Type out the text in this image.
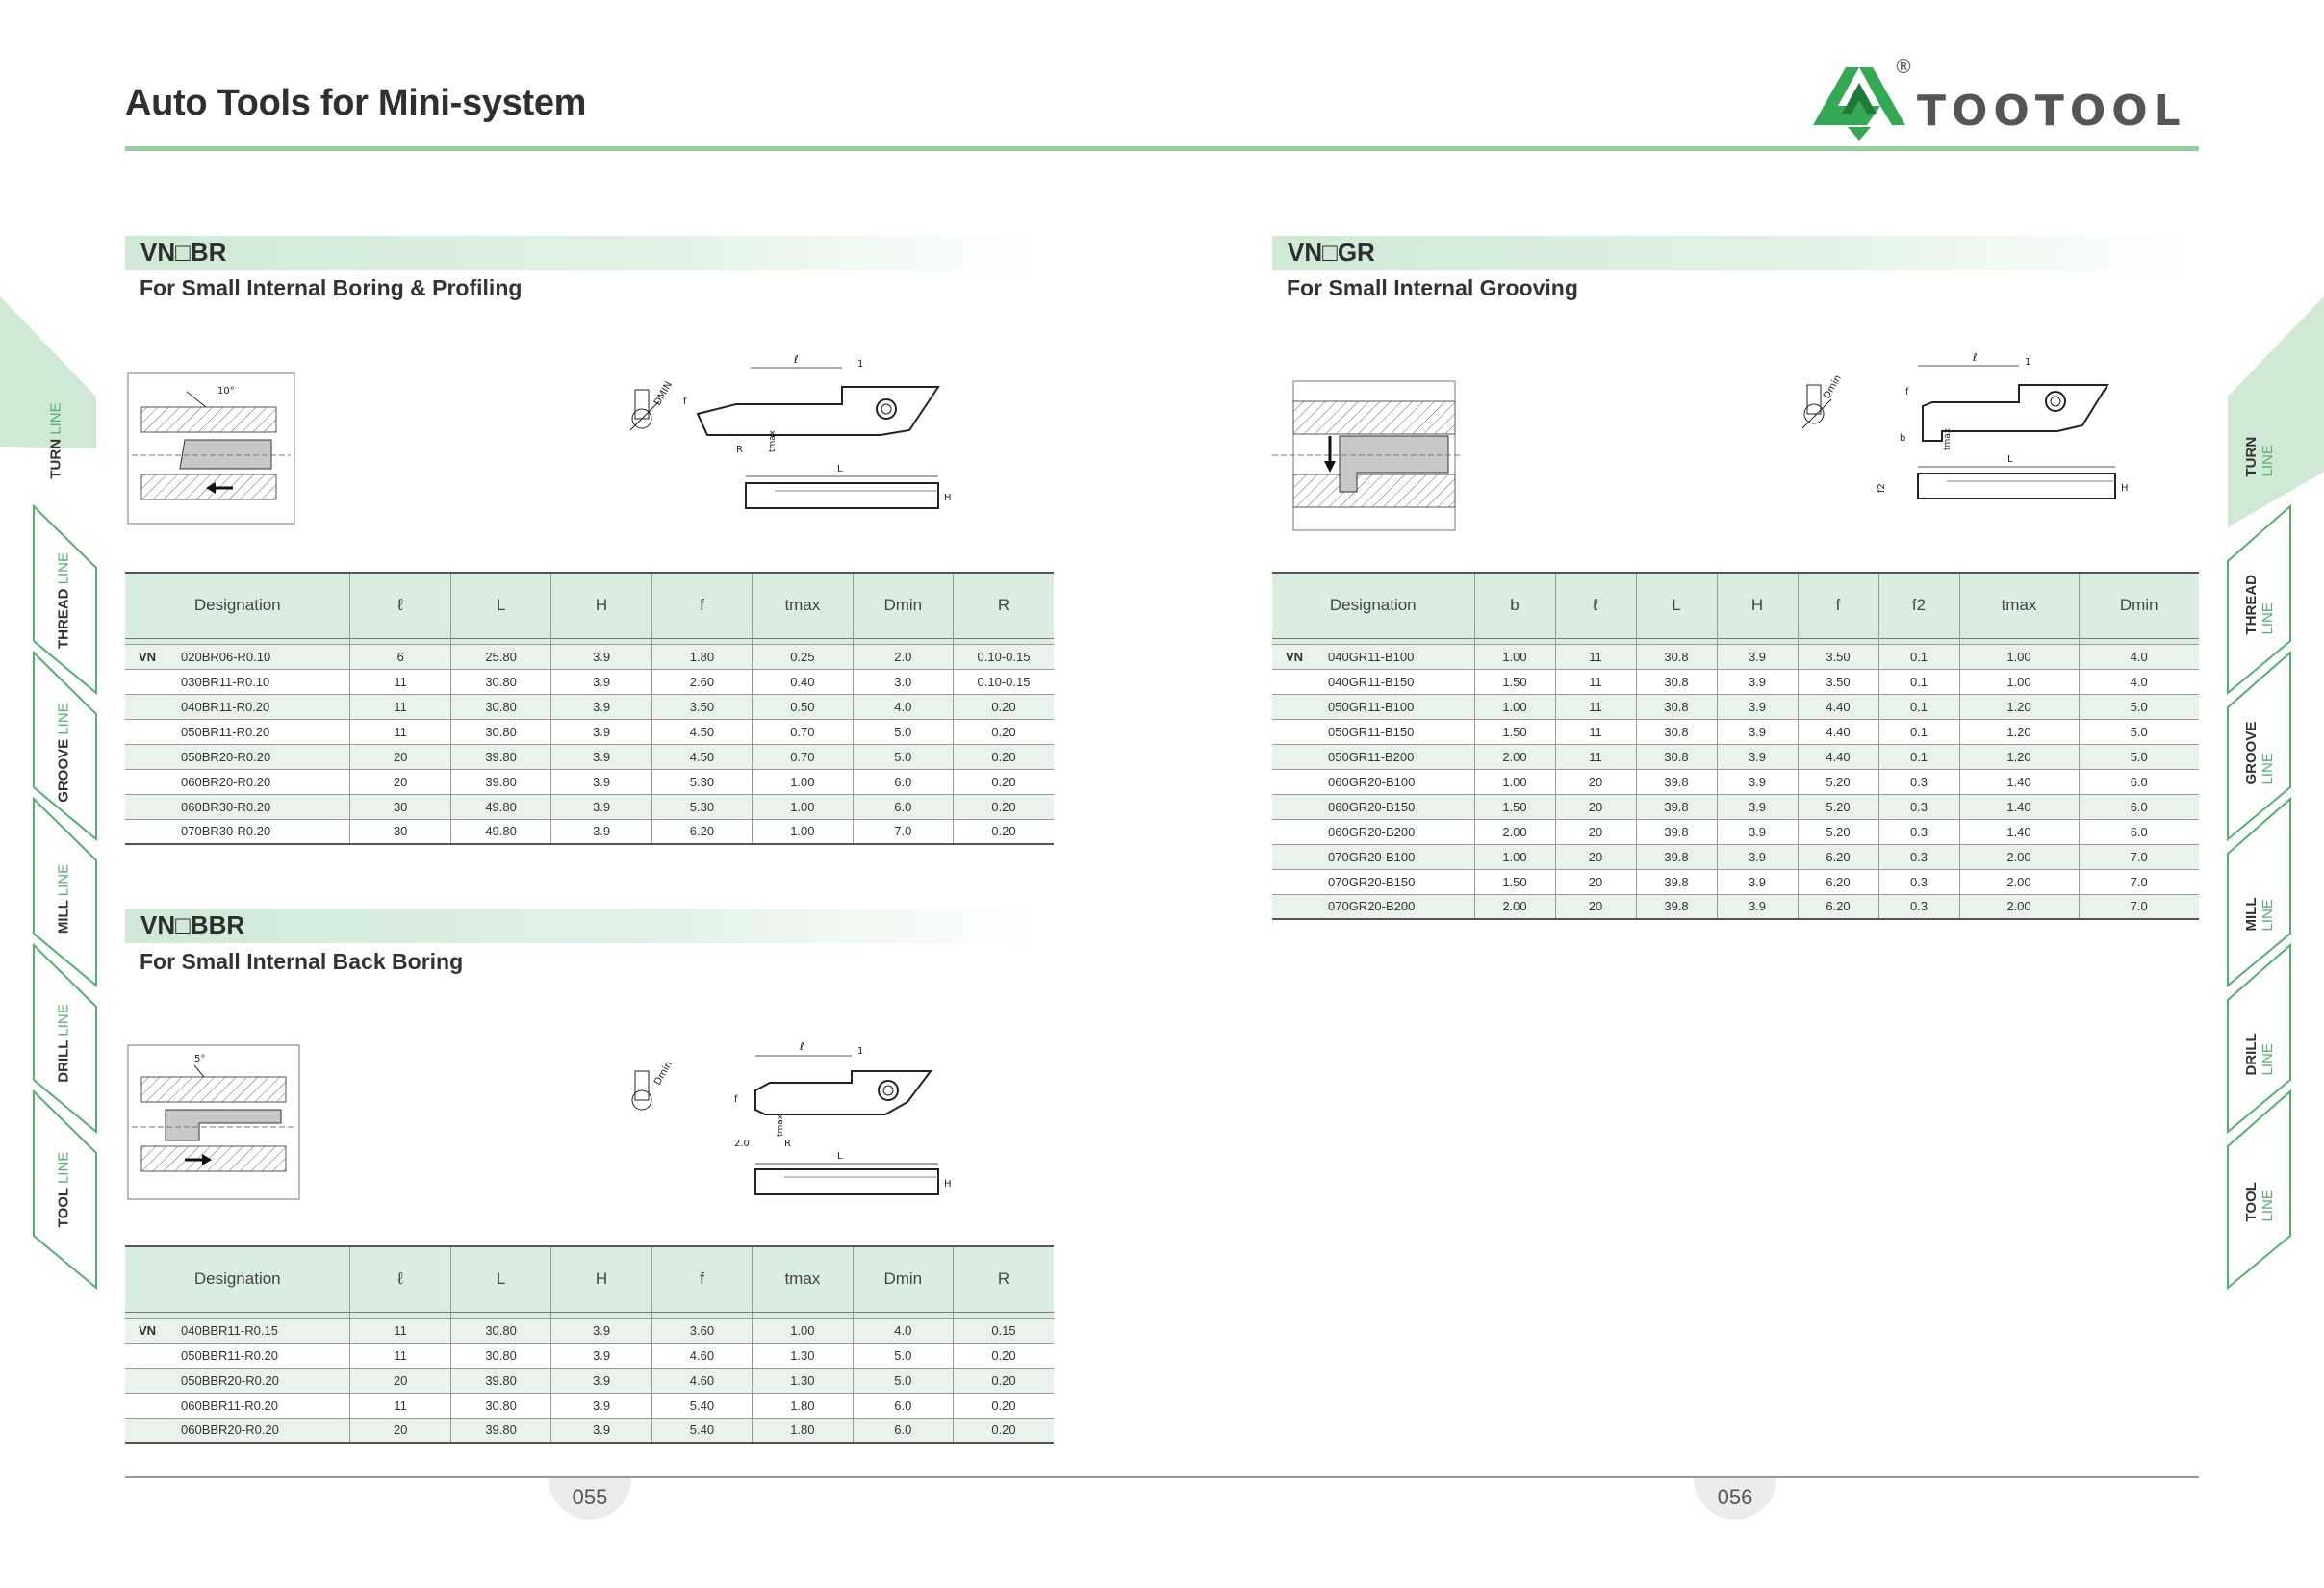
Auto Tools for Mini-system
®
TOOTOOL
TURN LINE
THREAD LINE
GROOVE LINE
MILL LINE
DRILL LINE
TOOL LINE
TURN LINE
THREAD LINE
GROOVE LINE
MILL LINE
DRILL LINE
TOOL LINE
VN□BR
For Small Internal Boring & Profiling
10°	DMIN
ℓ	1
f
R	tmax
L
H
Designation	ℓ	L	H	f	tmax	Dmin	R

VN 020BR06-R0.10	6	25.80	3.9	1.80	0.25	2.0	0.10-0.15
030BR11-R0.10	11	30.80	3.9	2.60	0.40	3.0	0.10-0.15
040BR11-R0.20	11	30.80	3.9	3.50	0.50	4.0	0.20
050BR11-R0.20	11	30.80	3.9	4.50	0.70	5.0	0.20
050BR20-R0.20	20	39.80	3.9	4.50	0.70	5.0	0.20
060BR20-R0.20	20	39.80	3.9	5.30	1.00	6.0	0.20
060BR30-R0.20	30	49.80	3.9	5.30	1.00	6.0	0.20
070BR30-R0.20	30	49.80	3.9	6.20	1.00	7.0	0.20
VN□BBR
For Small Internal Back Boring
5°
Dmin
ℓ	1
f
2.0	R
tmax
L
H
Designation	ℓ	L	H	f	tmax	Dmin	R

VN 040BBR11-R0.15	11	30.80	3.9	3.60	1.00	4.0	0.15
050BBR11-R0.20	11	30.80	3.9	4.60	1.30	5.0	0.20
050BBR20-R0.20	20	39.80	3.9	4.60	1.30	5.0	0.20
060BBR11-R0.20	11	30.80	3.9	5.40	1.80	6.0	0.20
060BBR20-R0.20	20	39.80	3.9	5.40	1.80	6.0	0.20
VN□GR
For Small Internal Grooving
Dmin
ℓ	1
f
b	tmax
f2
L
H
Designation	b	ℓ	L	H	f	f2	tmax	Dmin

VN 040GR11-B100	1.00	11	30.8	3.9	3.50	0.1	1.00	4.0
040GR11-B150	1.50	11	30.8	3.9	3.50	0.1	1.00	4.0
050GR11-B100	1.00	11	30.8	3.9	4.40	0.1	1.20	5.0
050GR11-B150	1.50	11	30.8	3.9	4.40	0.1	1.20	5.0
050GR11-B200	2.00	11	30.8	3.9	4.40	0.1	1.20	5.0
060GR20-B100	1.00	20	39.8	3.9	5.20	0.3	1.40	6.0
060GR20-B150	1.50	20	39.8	3.9	5.20	0.3	1.40	6.0
060GR20-B200	2.00	20	39.8	3.9	5.20	0.3	1.40	6.0
070GR20-B100	1.00	20	39.8	3.9	6.20	0.3	2.00	7.0
070GR20-B150	1.50	20	39.8	3.9	6.20	0.3	2.00	7.0
070GR20-B200	2.00	20	39.8	3.9	6.20	0.3	2.00	7.0
055	056
